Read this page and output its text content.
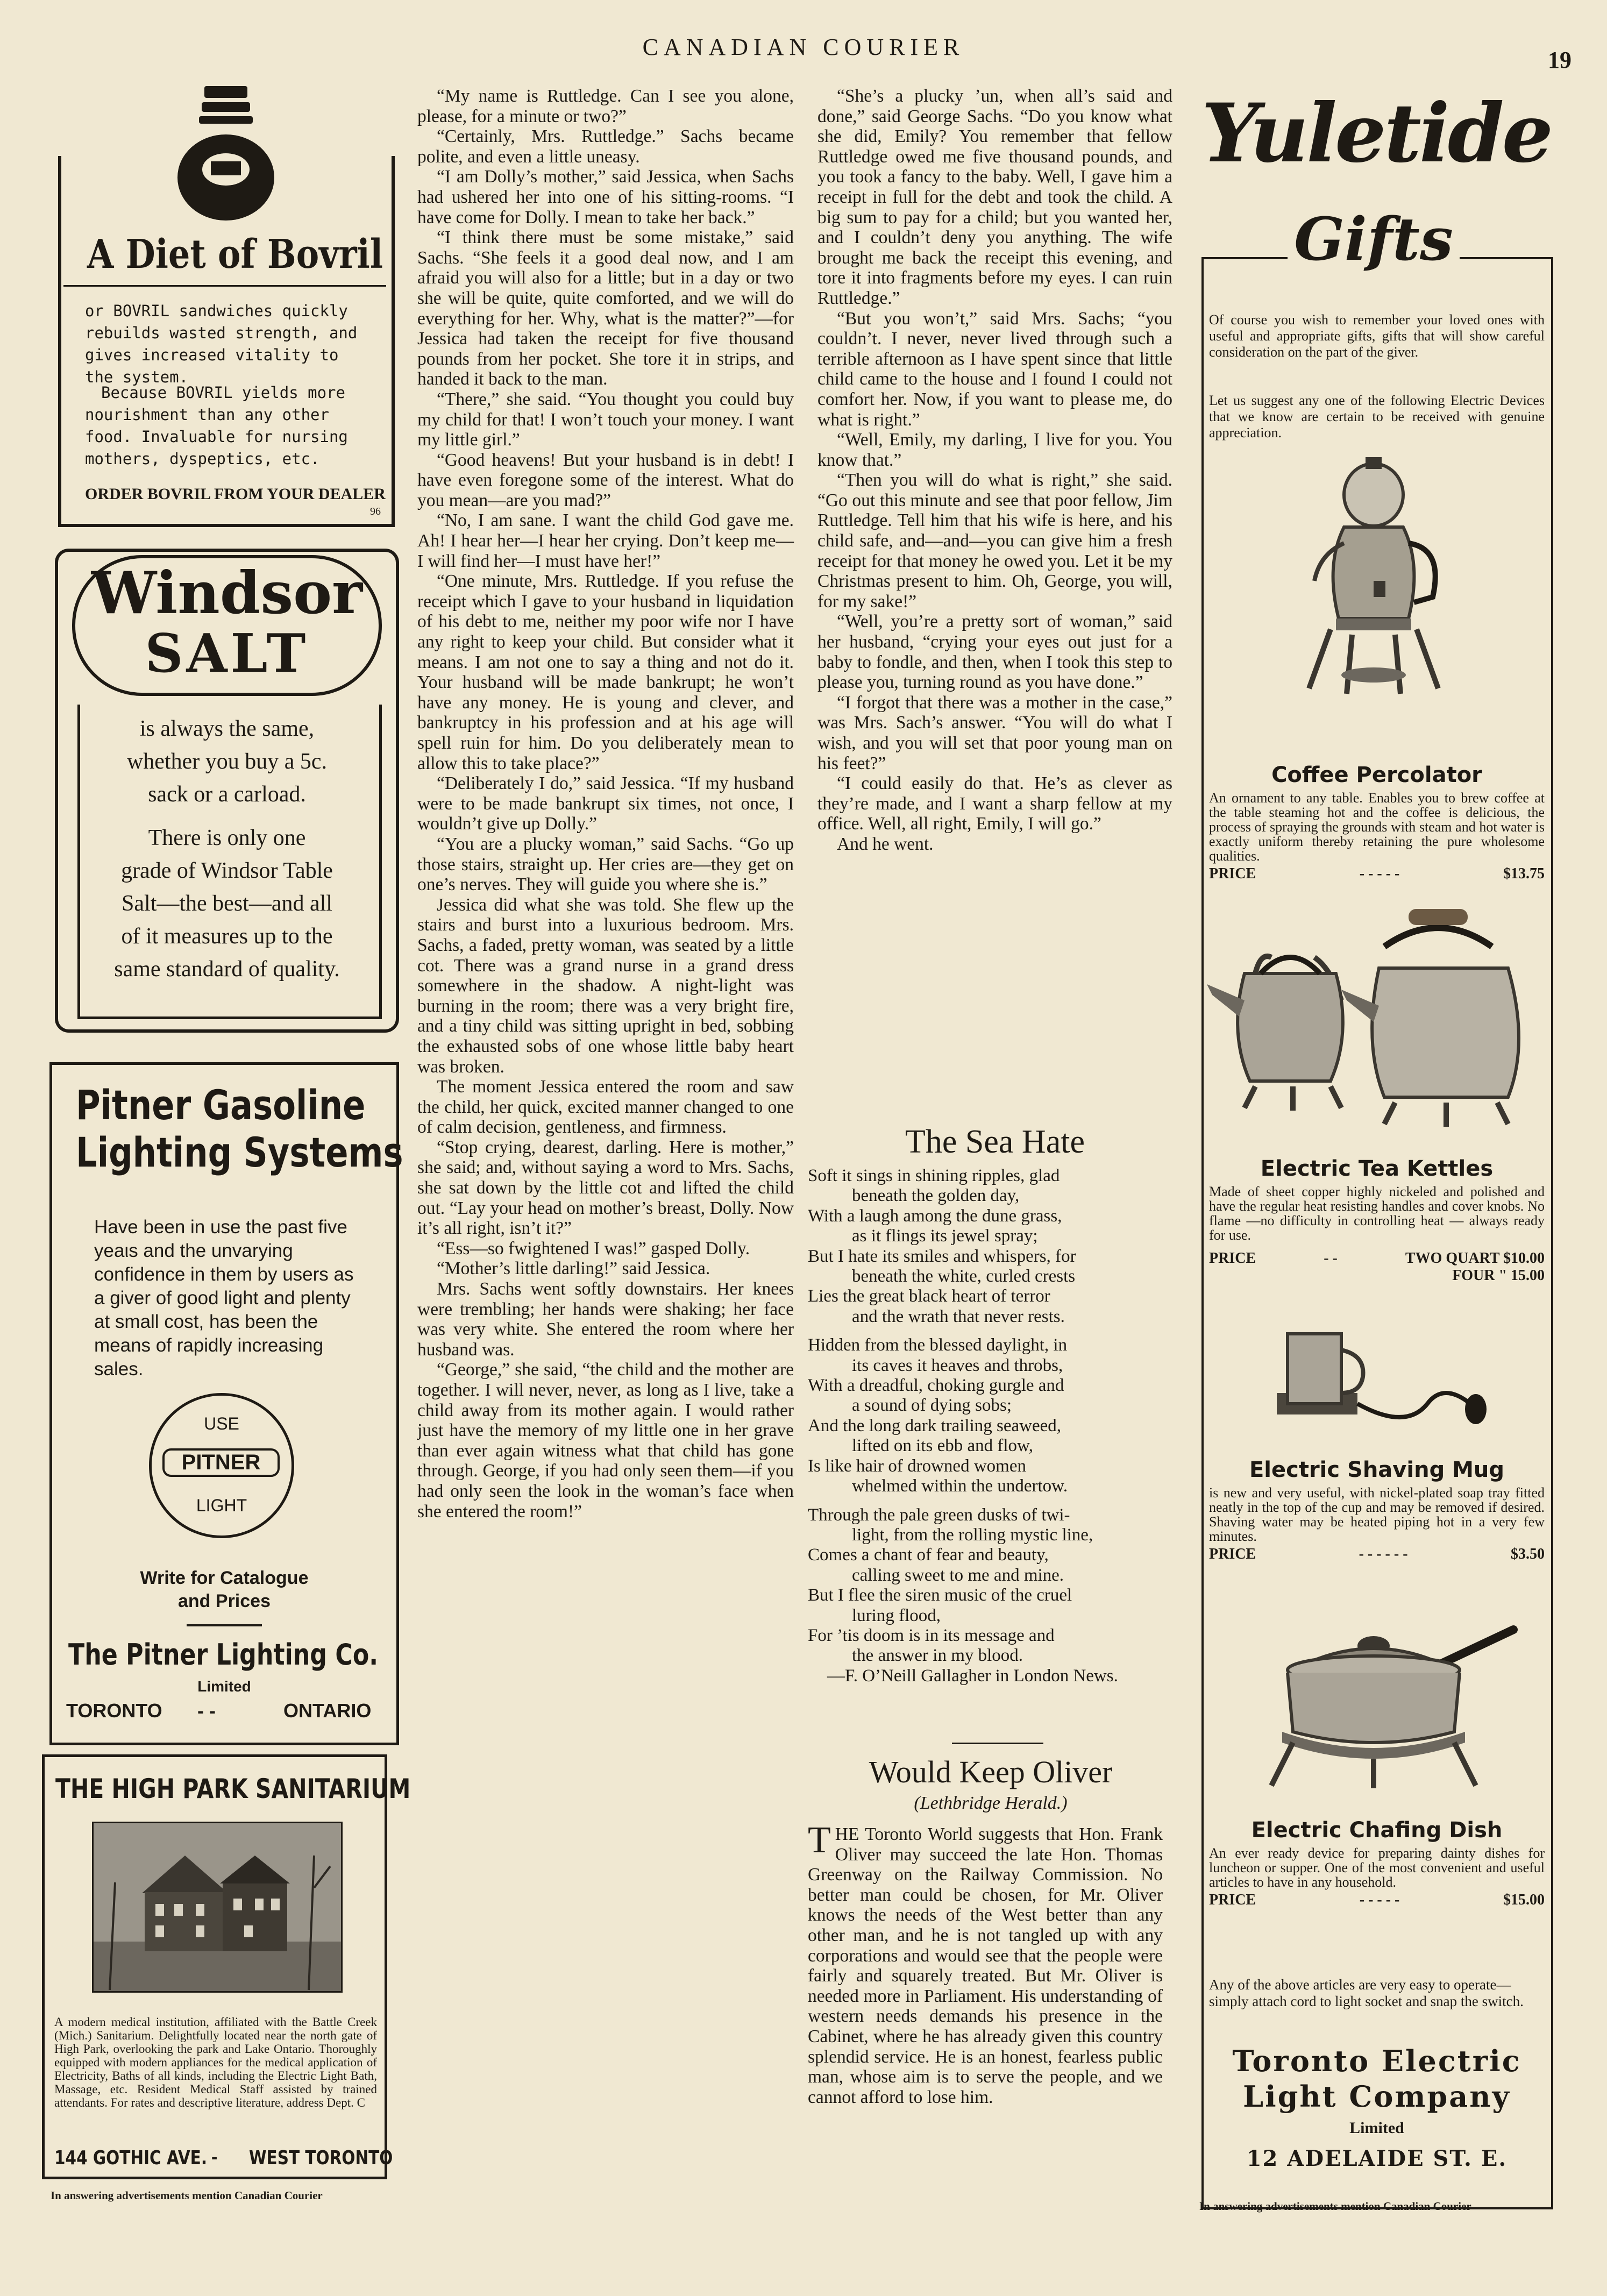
CANADIAN COURIER	19
A Diet of Bovril
or BOVRIL sandwiches quickly rebuilds wasted strength, and gives increased vitality to the system.
Because BOVRIL yields more nourishment than any other food. Invaluable for nursing mothers, dyspeptics, etc.
ORDER BOVRIL FROM YOUR DEALER
96
Windsor
SALT
is always the same,
whether you buy a 5c.
sack or a carload.
There is only one
grade of Windsor Table
Salt—the best—and all
of it measures up to the
same standard of quality.
Pitner Gasoline
Lighting Systems
Have been in use the past five yeaιs and the unvarying confidence in them by users as a giver of good light and plenty at small cost, has been the means of rapidly increasing sales.
USE
PITNER
LIGHT
Write for Catalogue
and Prices
The Pitner Lighting Co.
Limited
TORONTO - -	ONTARIO
THE HIGH PARK SANITARIUM
A modern medical institution, affiliated with the Battle Creek (Mich.) Sanitarium. Delightfully located near the north gate of High Park, overlooking the park and Lake Ontario. Thoroughly equipped with modern appliances for the medical application of Electricity, Baths of all kinds, including the Electric Light Bath, Massage, etc. Resident Medical Staff assisted by trained attendants. For rates and descriptive literature, address Dept. C
144 GOTHIC AVE. - WEST TORONTO
In answering advertisements mention Canadian Courier

“My name is Ruttledge. Can I see you alone, please, for a minute or two?”

“Certainly, Mrs. Ruttledge.” Sachs became polite, and even a little uneasy.

“I am Dolly’s mother,” said Jessica, when Sachs had ushered her into one of his sitting-rooms. “I have come for Dolly. I mean to take her back.”

“I think there must be some mistake,” said Sachs. “She feels it a good deal now, and I am afraid you will also for a little; but in a day or two she will be quite, quite comforted, and we will do everything for her. Why, what is the matter?”—for Jessica had taken the receipt for five thousand pounds from her pocket. She tore it in strips, and handed it back to the man.

“There,” she said. “You thought you could buy my child for that! I won’t touch your money. I want my little girl.”

“Good heavens! But your husband is in debt! I have even foregone some of the interest. What do you mean—are you mad?”

“No, I am sane. I want the child God gave me. Ah! I hear her—I hear her crying. Don’t keep me—I will find her—I must have her!”

“One minute, Mrs. Ruttledge. If you refuse the receipt which I gave to your husband in liquidation of his debt to me, neither my poor wife nor I have any right to keep your child. But consider what it means. I am not one to say a thing and not do it. Your husband will be made bankrupt; he won’t have any money. He is young and clever, and bankruptcy in his profession and at his age will spell ruin for him. Do you deliberately mean to allow this to take place?”

“Deliberately I do,” said Jessica. “If my husband were to be made bankrupt six times, not once, I wouldn’t give up Dolly.”

“You are a plucky woman,” said Sachs. “Go up those stairs, straight up. Her cries are—they get on one’s nerves. They will guide you where she is.”

Jessica did what she was told. She flew up the stairs and burst into a luxurious bedroom. Mrs. Sachs, a faded, pretty woman, was seated by a little cot. There was a grand nurse in a grand dress somewhere in the shadow. A night-light was burning in the room; there was a very bright fire, and a tiny child was sitting upright in bed, sobbing the exhausted sobs of one whose little baby heart was broken.

The moment Jessica entered the room and saw the child, her quick, excited manner changed to one of calm decision, gentleness, and firmness.

“Stop crying, dearest, darling. Here is mother,” she said; and, without saying a word to Mrs. Sachs, she sat down by the little cot and lifted the child out. “Lay your head on mother’s breast, Dolly. Now it’s all right, isn’t it?”

“Ess—so fwightened I was!” gasped Dolly.

“Mother’s little darling!” said Jessica.

Mrs. Sachs went softly downstairs. Her knees were trembling; her hands were shaking; her face was very white. She entered the room where her husband was.

“George,” she said, “the child and the mother are together. I will never, never, as long as I live, take a child away from its mother again. I would rather just have the memory of my little one in her grave than ever again witness what that child has gone through. George, if you had only seen them—if you had only seen the look in the woman’s face when she entered the room!”

“She’s a plucky ’un, when all’s said and done,” said George Sachs. “Do you know what she did, Emily? You remember that fellow Ruttledge owed me five thousand pounds, and you took a fancy to the baby. Well, I gave him a receipt in full for the debt and took the child. A big sum to pay for a child; but you wanted her, and I couldn’t deny you anything. The wife brought me back the receipt this evening, and tore it into fragments before my eyes. I can ruin Ruttledge.”

“But you won’t,” said Mrs. Sachs; “you couldn’t. I never, never lived through such a terrible afternoon as I have spent since that little child came to the house and I found I could not comfort her. Now, if you want to please me, do what is right.”

“Well, Emily, my darling, I live for you. You know that.”

“Then you will do what is right,” she said. “Go out this minute and see that poor fellow, Jim Ruttledge. Tell him that his wife is here, and his child safe, and—and—you can give him a fresh receipt for that money he owed you. Let it be my Christmas present to him. Oh, George, you will, for my sake!”

“Well, you’re a pretty sort of woman,” said her husband, “crying your eyes out just for a baby to fondle, and then, when I took this step to please you, turning round as you have done.”

“I forgot that there was a mother in the case,” was Mrs. Sach’s answer. “You will do what I wish, and you will set that poor young man on his feet?”

“I could easily do that. He’s as clever as they’re made, and I want a sharp fellow at my office. Well, all right, Emily, I will go.”

And he went.

The Sea Hate
Soft it sings in shining ripples, glad
beneath the golden day,
With a laugh among the dune grass,
as it flings its jewel spray;
But I hate its smiles and whispers, for
beneath the white, curled crests
Lies the great black heart of terror
and the wrath that never rests.
Hidden from the blessed daylight, in
its caves it heaves and throbs,
With a dreadful, choking gurgle and
a sound of dying sobs;
And the long dark trailing seaweed,
lifted on its ebb and flow,
Is like hair of drowned women
whelmed within the undertow.
Through the pale green dusks of twi-
light, from the rolling mystic line,
Comes a chant of fear and beauty,
calling sweet to me and mine.
But I flee the siren music of the cruel
luring flood,
For ’tis doom is in its message and
the answer in my blood.
—F. O’Neill Gallagher in London News.
Would Keep Oliver
(Lethbridge Herald.)
THE Toronto World suggests that Hon. Frank Oliver may succeed the late Hon. Thomas Greenway on the Railway Commission. No better man could be chosen, for Mr. Oliver knows the needs of the West better than any other man, and he is not tangled up with any corporations and would see that the people were fairly and squarely treated. But Mr. Oliver is needed more in Parliament. His understanding of western needs demands his presence in the Cabinet, where he has already given this country splendid service. He is an honest, fearless public man, whose aim is to serve the people, and we cannot afford to lose him.
Yuletide
Gifts
Of course you wish to remember your loved ones with useful and appropriate gifts, gifts that will show careful consideration on the part of the giver.
Let us suggest any one of the following Electric Devices that we know are certain to be received with genuine appreciation.
Coffee Percolator
An ornament to any table. Enables you to brew coffee at the table steaming hot and the coffee is delicious, the process of spraying the grounds with steam and hot water is exactly uniform thereby retaining the pure wholesome qualities.
PRICE	- - - - -	$13.75
Electric Tea Kettles
Made of sheet copper highly nickeled and polished and have the regular heat resisting handles and cover knobs. No flame —no difficulty in controlling heat — always ready for use.
PRICE	- -	TWO QUART $10.00
FOUR " 15.00
Electric Shaving Mug
is new and very useful, with nickel-plated soap tray fitted neatly in the top of the cup and may be removed if desired. Shaving water may be heated piping hot in a very few minutes.
PRICE	- - - - - -	$3.50
Electric Chafing Dish
An ever ready device for preparing dainty dishes for luncheon or supper. One of the most convenient and useful articles to have in any household.
PRICE	- - - - -	$15.00
Any of the above articles are very easy to operate—simply attach cord to light socket and snap the switch.
Toronto Electric
Light Company
Limited
12 ADELAIDE ST. E.
In answering advertisements mention Canadian Courier
